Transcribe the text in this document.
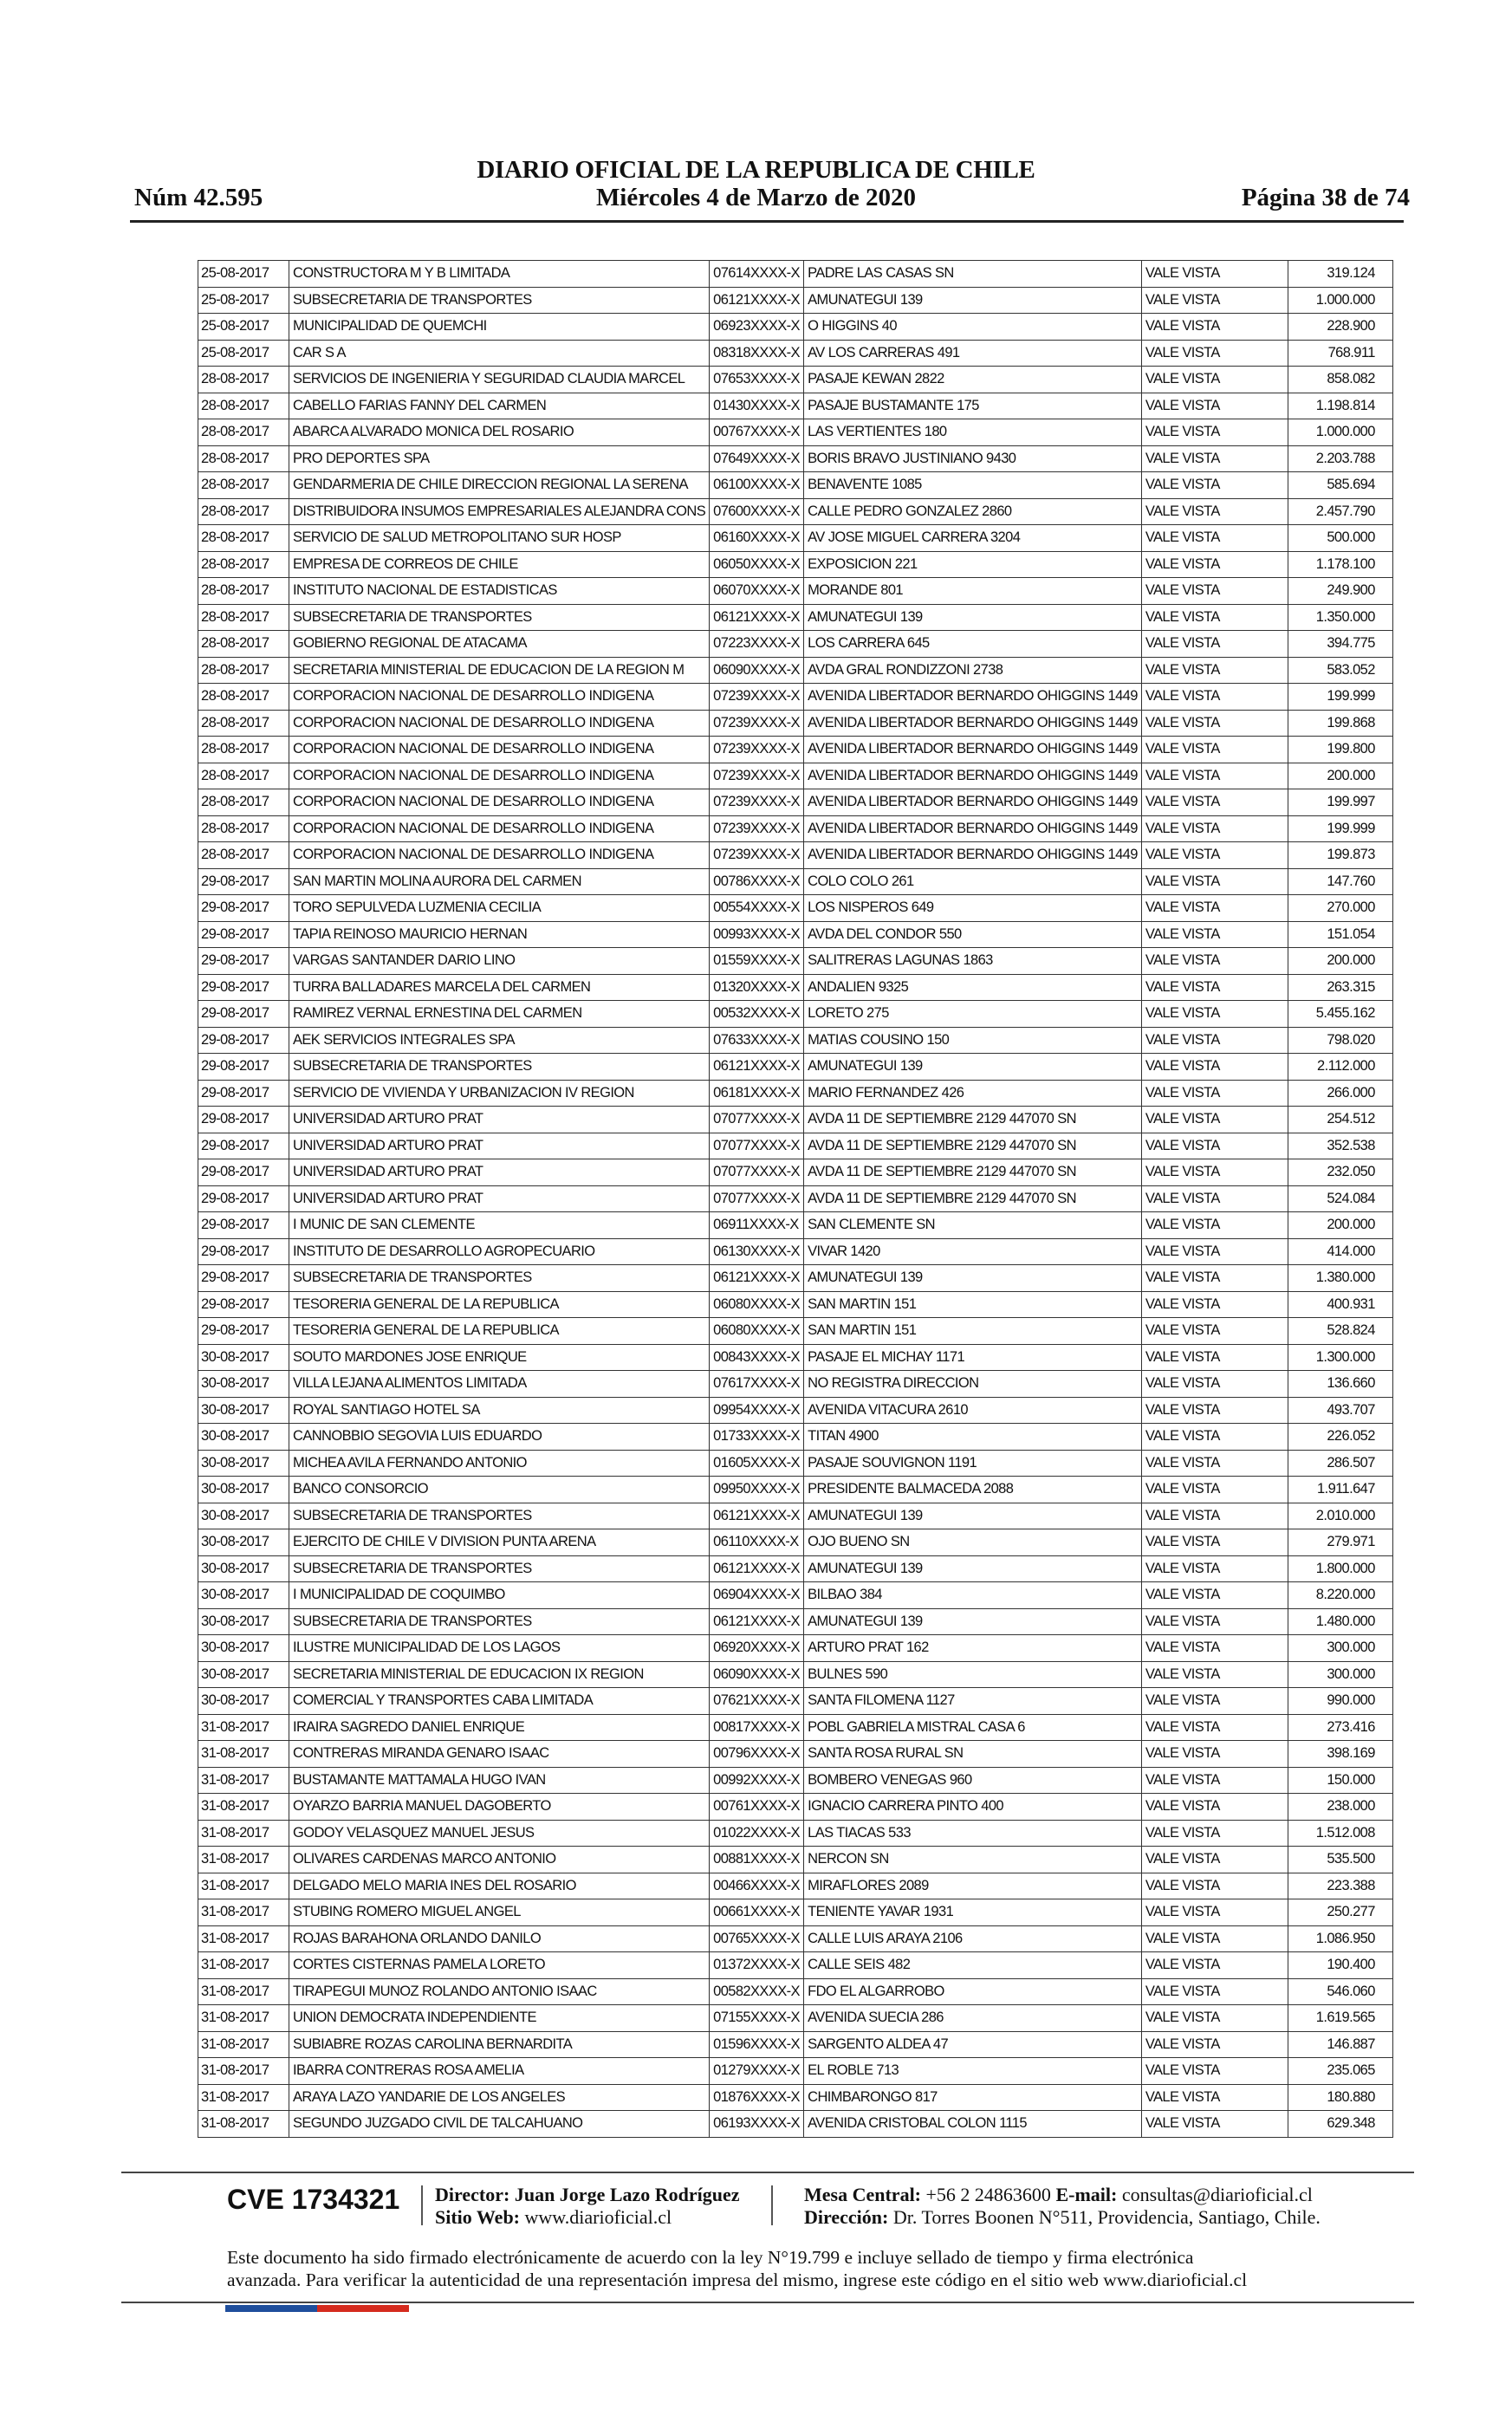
DIARIO OFICIAL DE LA REPUBLICA DE CHILE
Núm 42.595	Miércoles 4 de Marzo de 2020	Página 38 de 74
25-08-2017	CONSTRUCTORA M Y B LIMITADA	07614XXXX-X	PADRE LAS CASAS SN	VALE VISTA	319.124
25-08-2017	SUBSECRETARIA DE TRANSPORTES	06121XXXX-X	AMUNATEGUI 139	VALE VISTA	1.000.000
25-08-2017	MUNICIPALIDAD DE QUEMCHI	06923XXXX-X	O HIGGINS 40	VALE VISTA	228.900
25-08-2017	CAR S A	08318XXXX-X	AV LOS CARRERAS 491	VALE VISTA	768.911
28-08-2017	SERVICIOS DE INGENIERIA Y SEGURIDAD CLAUDIA MARCEL	07653XXXX-X	PASAJE KEWAN 2822	VALE VISTA	858.082
28-08-2017	CABELLO FARIAS FANNY DEL CARMEN	01430XXXX-X	PASAJE BUSTAMANTE 175	VALE VISTA	1.198.814
28-08-2017	ABARCA ALVARADO MONICA DEL ROSARIO	00767XXXX-X	LAS VERTIENTES 180	VALE VISTA	1.000.000
28-08-2017	PRO DEPORTES SPA	07649XXXX-X	BORIS BRAVO JUSTINIANO 9430	VALE VISTA	2.203.788
28-08-2017	GENDARMERIA DE CHILE DIRECCION REGIONAL LA SERENA	06100XXXX-X	BENAVENTE 1085	VALE VISTA	585.694
28-08-2017	DISTRIBUIDORA INSUMOS EMPRESARIALES ALEJANDRA CONS	07600XXXX-X	CALLE PEDRO GONZALEZ 2860	VALE VISTA	2.457.790
28-08-2017	SERVICIO DE SALUD METROPOLITANO SUR HOSP	06160XXXX-X	AV JOSE MIGUEL CARRERA 3204	VALE VISTA	500.000
28-08-2017	EMPRESA DE CORREOS DE CHILE	06050XXXX-X	EXPOSICION 221	VALE VISTA	1.178.100
28-08-2017	INSTITUTO NACIONAL DE ESTADISTICAS	06070XXXX-X	MORANDE 801	VALE VISTA	249.900
28-08-2017	SUBSECRETARIA DE TRANSPORTES	06121XXXX-X	AMUNATEGUI 139	VALE VISTA	1.350.000
28-08-2017	GOBIERNO REGIONAL DE ATACAMA	07223XXXX-X	LOS CARRERA 645	VALE VISTA	394.775
28-08-2017	SECRETARIA MINISTERIAL DE EDUCACION DE LA REGION M	06090XXXX-X	AVDA GRAL RONDIZZONI 2738	VALE VISTA	583.052
28-08-2017	CORPORACION NACIONAL DE DESARROLLO INDIGENA	07239XXXX-X	AVENIDA LIBERTADOR BERNARDO OHIGGINS 1449	VALE VISTA	199.999
28-08-2017	CORPORACION NACIONAL DE DESARROLLO INDIGENA	07239XXXX-X	AVENIDA LIBERTADOR BERNARDO OHIGGINS 1449	VALE VISTA	199.868
28-08-2017	CORPORACION NACIONAL DE DESARROLLO INDIGENA	07239XXXX-X	AVENIDA LIBERTADOR BERNARDO OHIGGINS 1449	VALE VISTA	199.800
28-08-2017	CORPORACION NACIONAL DE DESARROLLO INDIGENA	07239XXXX-X	AVENIDA LIBERTADOR BERNARDO OHIGGINS 1449	VALE VISTA	200.000
28-08-2017	CORPORACION NACIONAL DE DESARROLLO INDIGENA	07239XXXX-X	AVENIDA LIBERTADOR BERNARDO OHIGGINS 1449	VALE VISTA	199.997
28-08-2017	CORPORACION NACIONAL DE DESARROLLO INDIGENA	07239XXXX-X	AVENIDA LIBERTADOR BERNARDO OHIGGINS 1449	VALE VISTA	199.999
28-08-2017	CORPORACION NACIONAL DE DESARROLLO INDIGENA	07239XXXX-X	AVENIDA LIBERTADOR BERNARDO OHIGGINS 1449	VALE VISTA	199.873
29-08-2017	SAN MARTIN MOLINA AURORA DEL CARMEN	00786XXXX-X	COLO COLO 261	VALE VISTA	147.760
29-08-2017	TORO SEPULVEDA LUZMENIA CECILIA	00554XXXX-X	LOS NISPEROS 649	VALE VISTA	270.000
29-08-2017	TAPIA REINOSO MAURICIO HERNAN	00993XXXX-X	AVDA DEL CONDOR 550	VALE VISTA	151.054
29-08-2017	VARGAS SANTANDER DARIO LINO	01559XXXX-X	SALITRERAS LAGUNAS 1863	VALE VISTA	200.000
29-08-2017	TURRA BALLADARES MARCELA DEL CARMEN	01320XXXX-X	ANDALIEN 9325	VALE VISTA	263.315
29-08-2017	RAMIREZ VERNAL ERNESTINA DEL CARMEN	00532XXXX-X	LORETO 275	VALE VISTA	5.455.162
29-08-2017	AEK SERVICIOS INTEGRALES SPA	07633XXXX-X	MATIAS COUSINO 150	VALE VISTA	798.020
29-08-2017	SUBSECRETARIA DE TRANSPORTES	06121XXXX-X	AMUNATEGUI 139	VALE VISTA	2.112.000
29-08-2017	SERVICIO DE VIVIENDA Y URBANIZACION IV REGION	06181XXXX-X	MARIO FERNANDEZ 426	VALE VISTA	266.000
29-08-2017	UNIVERSIDAD ARTURO PRAT	07077XXXX-X	AVDA 11 DE SEPTIEMBRE 2129 447070 SN	VALE VISTA	254.512
29-08-2017	UNIVERSIDAD ARTURO PRAT	07077XXXX-X	AVDA 11 DE SEPTIEMBRE 2129 447070 SN	VALE VISTA	352.538
29-08-2017	UNIVERSIDAD ARTURO PRAT	07077XXXX-X	AVDA 11 DE SEPTIEMBRE 2129 447070 SN	VALE VISTA	232.050
29-08-2017	UNIVERSIDAD ARTURO PRAT	07077XXXX-X	AVDA 11 DE SEPTIEMBRE 2129 447070 SN	VALE VISTA	524.084
29-08-2017	I MUNIC DE SAN CLEMENTE	06911XXXX-X	SAN CLEMENTE SN	VALE VISTA	200.000
29-08-2017	INSTITUTO DE DESARROLLO AGROPECUARIO	06130XXXX-X	VIVAR 1420	VALE VISTA	414.000
29-08-2017	SUBSECRETARIA DE TRANSPORTES	06121XXXX-X	AMUNATEGUI 139	VALE VISTA	1.380.000
29-08-2017	TESORERIA GENERAL DE LA REPUBLICA	06080XXXX-X	SAN MARTIN 151	VALE VISTA	400.931
29-08-2017	TESORERIA GENERAL DE LA REPUBLICA	06080XXXX-X	SAN MARTIN 151	VALE VISTA	528.824
30-08-2017	SOUTO MARDONES JOSE ENRIQUE	00843XXXX-X	PASAJE EL MICHAY 1171	VALE VISTA	1.300.000
30-08-2017	VILLA LEJANA ALIMENTOS LIMITADA	07617XXXX-X	NO REGISTRA DIRECCION	VALE VISTA	136.660
30-08-2017	ROYAL SANTIAGO HOTEL SA	09954XXXX-X	AVENIDA VITACURA 2610	VALE VISTA	493.707
30-08-2017	CANNOBBIO SEGOVIA LUIS EDUARDO	01733XXXX-X	TITAN 4900	VALE VISTA	226.052
30-08-2017	MICHEA AVILA FERNANDO ANTONIO	01605XXXX-X	PASAJE SOUVIGNON 1191	VALE VISTA	286.507
30-08-2017	BANCO CONSORCIO	09950XXXX-X	PRESIDENTE BALMACEDA 2088	VALE VISTA	1.911.647
30-08-2017	SUBSECRETARIA DE TRANSPORTES	06121XXXX-X	AMUNATEGUI 139	VALE VISTA	2.010.000
30-08-2017	EJERCITO DE CHILE V DIVISION PUNTA ARENA	06110XXXX-X	OJO BUENO SN	VALE VISTA	279.971
30-08-2017	SUBSECRETARIA DE TRANSPORTES	06121XXXX-X	AMUNATEGUI 139	VALE VISTA	1.800.000
30-08-2017	I MUNICIPALIDAD DE COQUIMBO	06904XXXX-X	BILBAO 384	VALE VISTA	8.220.000
30-08-2017	SUBSECRETARIA DE TRANSPORTES	06121XXXX-X	AMUNATEGUI 139	VALE VISTA	1.480.000
30-08-2017	ILUSTRE MUNICIPALIDAD DE LOS LAGOS	06920XXXX-X	ARTURO PRAT 162	VALE VISTA	300.000
30-08-2017	SECRETARIA MINISTERIAL DE EDUCACION IX REGION	06090XXXX-X	BULNES 590	VALE VISTA	300.000
30-08-2017	COMERCIAL Y TRANSPORTES CABA LIMITADA	07621XXXX-X	SANTA FILOMENA 1127	VALE VISTA	990.000
31-08-2017	IRAIRA SAGREDO DANIEL ENRIQUE	00817XXXX-X	POBL GABRIELA MISTRAL CASA 6	VALE VISTA	273.416
31-08-2017	CONTRERAS MIRANDA GENARO ISAAC	00796XXXX-X	SANTA ROSA RURAL SN	VALE VISTA	398.169
31-08-2017	BUSTAMANTE MATTAMALA HUGO IVAN	00992XXXX-X	BOMBERO VENEGAS 960	VALE VISTA	150.000
31-08-2017	OYARZO BARRIA MANUEL DAGOBERTO	00761XXXX-X	IGNACIO CARRERA PINTO 400	VALE VISTA	238.000
31-08-2017	GODOY VELASQUEZ MANUEL JESUS	01022XXXX-X	LAS TIACAS 533	VALE VISTA	1.512.008
31-08-2017	OLIVARES CARDENAS MARCO ANTONIO	00881XXXX-X	NERCON SN	VALE VISTA	535.500
31-08-2017	DELGADO MELO MARIA INES DEL ROSARIO	00466XXXX-X	MIRAFLORES 2089	VALE VISTA	223.388
31-08-2017	STUBING ROMERO MIGUEL ANGEL	00661XXXX-X	TENIENTE YAVAR 1931	VALE VISTA	250.277
31-08-2017	ROJAS BARAHONA ORLANDO DANILO	00765XXXX-X	CALLE LUIS ARAYA 2106	VALE VISTA	1.086.950
31-08-2017	CORTES CISTERNAS PAMELA LORETO	01372XXXX-X	CALLE SEIS 482	VALE VISTA	190.400
31-08-2017	TIRAPEGUI MUNOZ ROLANDO ANTONIO ISAAC	00582XXXX-X	FDO EL ALGARROBO	VALE VISTA	546.060
31-08-2017	UNION DEMOCRATA INDEPENDIENTE	07155XXXX-X	AVENIDA SUECIA 286	VALE VISTA	1.619.565
31-08-2017	SUBIABRE ROZAS CAROLINA BERNARDITA	01596XXXX-X	SARGENTO ALDEA 47	VALE VISTA	146.887
31-08-2017	IBARRA CONTRERAS ROSA AMELIA	01279XXXX-X	EL ROBLE 713	VALE VISTA	235.065
31-08-2017	ARAYA LAZO YANDARIE DE LOS ANGELES	01876XXXX-X	CHIMBARONGO 817	VALE VISTA	180.880
31-08-2017	SEGUNDO JUZGADO CIVIL DE TALCAHUANO	06193XXXX-X	AVENIDA CRISTOBAL COLON 1115	VALE VISTA	629.348
CVE 1734321 Director: Juan Jorge Lazo Rodríguez
Sitio Web: www.diarioficial.cl
Mesa Central: +56 2 24863600 E-mail: consultas@diarioficial.cl
Dirección: Dr. Torres Boonen N°511, Providencia, Santiago, Chile.
Este documento ha sido firmado electrónicamente de acuerdo con la ley N°19.799 e incluye sellado de tiempo y firma electrónica
avanzada. Para verificar la autenticidad de una representación impresa del mismo, ingrese este código en el sitio web www.diarioficial.cl
